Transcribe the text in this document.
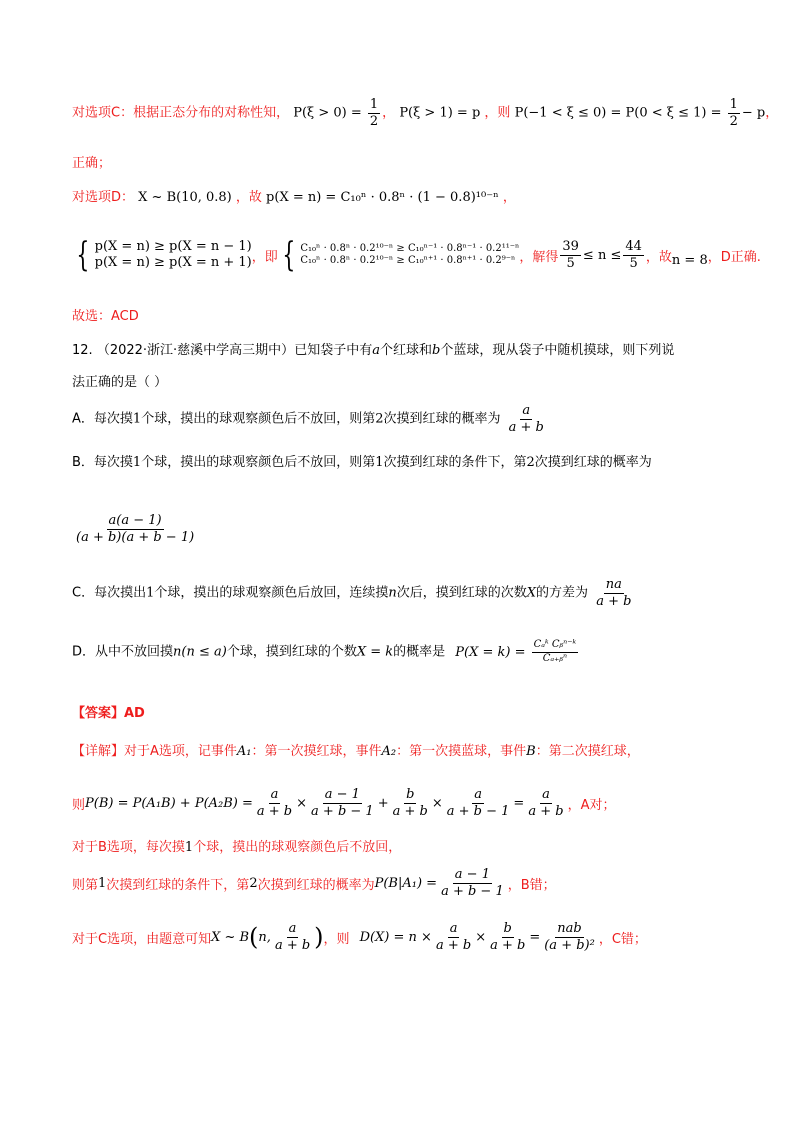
对选项C：根据正态分布的对称性知， $P(\xi > 0) = \frac{1}{2}$ ， P(ξ > 1) = p ，则 $P(-1 < \xi \le 0) = P(0 < \xi \le 1) = \frac{1}{2} - p$，
正确；
对选项D： X ~ B(10, 0.8) ，故 p(X = n) = C₁₀ⁿ · 0.8ⁿ · (1 − 0.8)¹⁰⁻ⁿ ，
{ p(X = n) ≥ p(X = n − 1)
p(X = n) ≥ p(X = n + 1) ，即 { C₁₀ⁿ · 0.8ⁿ · 0.2¹⁰⁻ⁿ ≥ C₁₀ⁿ⁻¹ · 0.8ⁿ⁻¹ · 0.2¹¹⁻ⁿ
C₁₀ⁿ · 0.8ⁿ · 0.2¹⁰⁻ⁿ ≥ C₁₀ⁿ⁺¹ · 0.8ⁿ⁺¹ · 0.2⁹⁻ⁿ ，解得 $\frac{39}{5} \le n \le \frac{44}{5}$ ，故 n = 8 ，D正确.
故选：ACD
12. （2022·浙江·慈溪中学高三期中）已知袋子中有a个红球和b个蓝球，现从袋子中随机摸球，则下列说
法正确的是（ ）
A．每次摸1个球，摸出的球观察颜色后不放回，则第2次摸到红球的概率为 $\frac{a}{a + b}$
B．每次摸1个球，摸出的球观察颜色后不放回，则第1次摸到红球的条件下，第2次摸到红球的概率为
$\frac{a(a - 1)}{(a + b)(a + b - 1)}$
C．每次摸出1个球，摸出的球观察颜色后放回，连续摸n次后，摸到红球的次数X的方差为 $\frac{na}{a + b}$
D．从中不放回摸n(n ≤ a)个球，摸到红球的个数X = k的概率是 $P(X = k) = \frac{\text{Cₐᵏ Cᵦⁿ⁻ᵏ}}{\text{Cₐ₊ᵦⁿ}}$
【答案】AD
【详解】对于A选项，记事件A₁：第一次摸红球，事件A₂：第一次摸蓝球，事件B：第二次摸红球，
则 $P(B) = P(A_1B) + P(A_2B) = \frac{a}{a + b} \times \frac{a - 1}{a + b - 1} + \frac{b}{a + b} \times \frac{a}{a + b - 1} = \frac{a}{a + b}$ ，A对；
对于B选项，每次摸1个球，摸出的球观察颜色后不放回，
则第 1 次摸到红球的条件下，第 2 次摸到红球的概率为 $P(B|A_1) = \frac{a - 1}{a + b - 1}$ ，B错；
对于C选项，由题意可知 X ~ B ( n, $\frac{a}{a + b}$ ) ，则 $D(X) = n \times \frac{a}{a + b} \times \frac{b}{a + b} = \frac{\text{nab}}{\text{(a + b)²}}$ ，C错；
